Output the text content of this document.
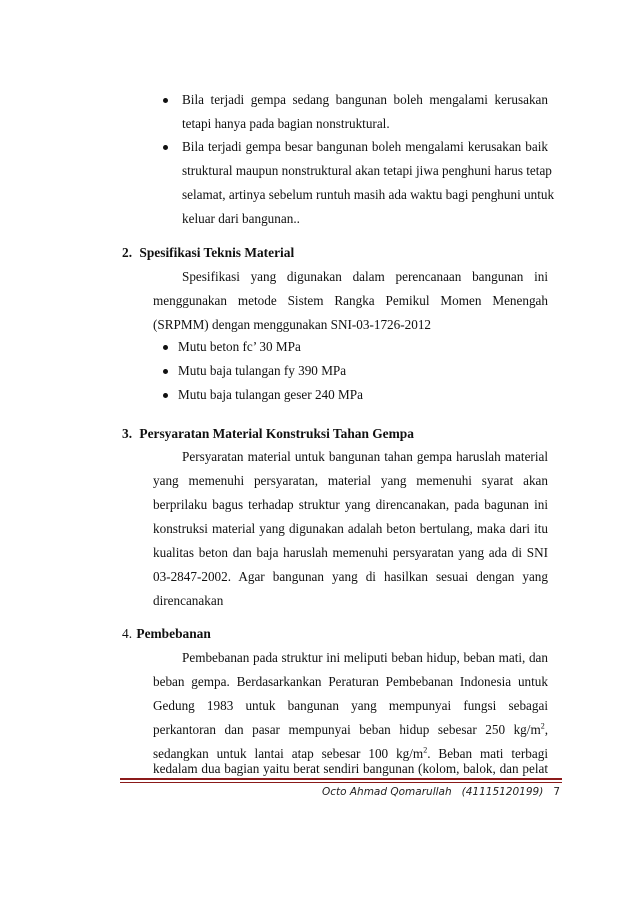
Bila terjadi gempa sedang bangunan boleh mengalami kerusakan
tetapi hanya pada bagian nonstruktural.
Bila terjadi gempa besar bangunan boleh mengalami kerusakan baik
struktural maupun nonstruktural akan tetapi jiwa penghuni harus tetap
selamat, artinya sebelum runtuh masih ada waktu bagi penghuni untuk
keluar dari bangunan..
2. Spesifikasi Teknis Material
Spesifikasi yang digunakan dalam perencanaan bangunan ini
menggunakan metode Sistem Rangka Pemikul Momen Menengah
(SRPMM) dengan menggunakan SNI-03-1726-2012
Mutu beton fc’ 30 MPa
Mutu baja tulangan fy 390 MPa
Mutu baja tulangan geser 240 MPa
3. Persyaratan Material Konstruksi Tahan Gempa
Persyaratan material untuk bangunan tahan gempa haruslah material
yang memenuhi persyaratan, material yang memenuhi syarat akan
berprilaku bagus terhadap struktur yang direncanakan, pada bagunan ini
konstruksi material yang digunakan adalah beton bertulang, maka dari itu
kualitas beton dan baja haruslah memenuhi persyaratan yang ada di SNI
03-2847-2002. Agar bangunan yang di hasilkan sesuai dengan yang
direncanakan
4. Pembebanan
Pembebanan pada struktur ini meliputi beban hidup, beban mati, dan
beban gempa. Berdasarkankan Peraturan Pembebanan Indonesia untuk
Gedung 1983 untuk bangunan yang mempunyai fungsi sebagai
perkantoran dan pasar mempunyai beban hidup sebesar 250 $kg/m^2$,
sedangkan untuk lantai atap sebesar 100 $kg/m^2$. Beban mati terbagi
kedalam dua bagian yaitu berat sendiri bangunan (kolom, balok, dan pelat
Octo Ahmad Qomarullah   (41115120199) 7
